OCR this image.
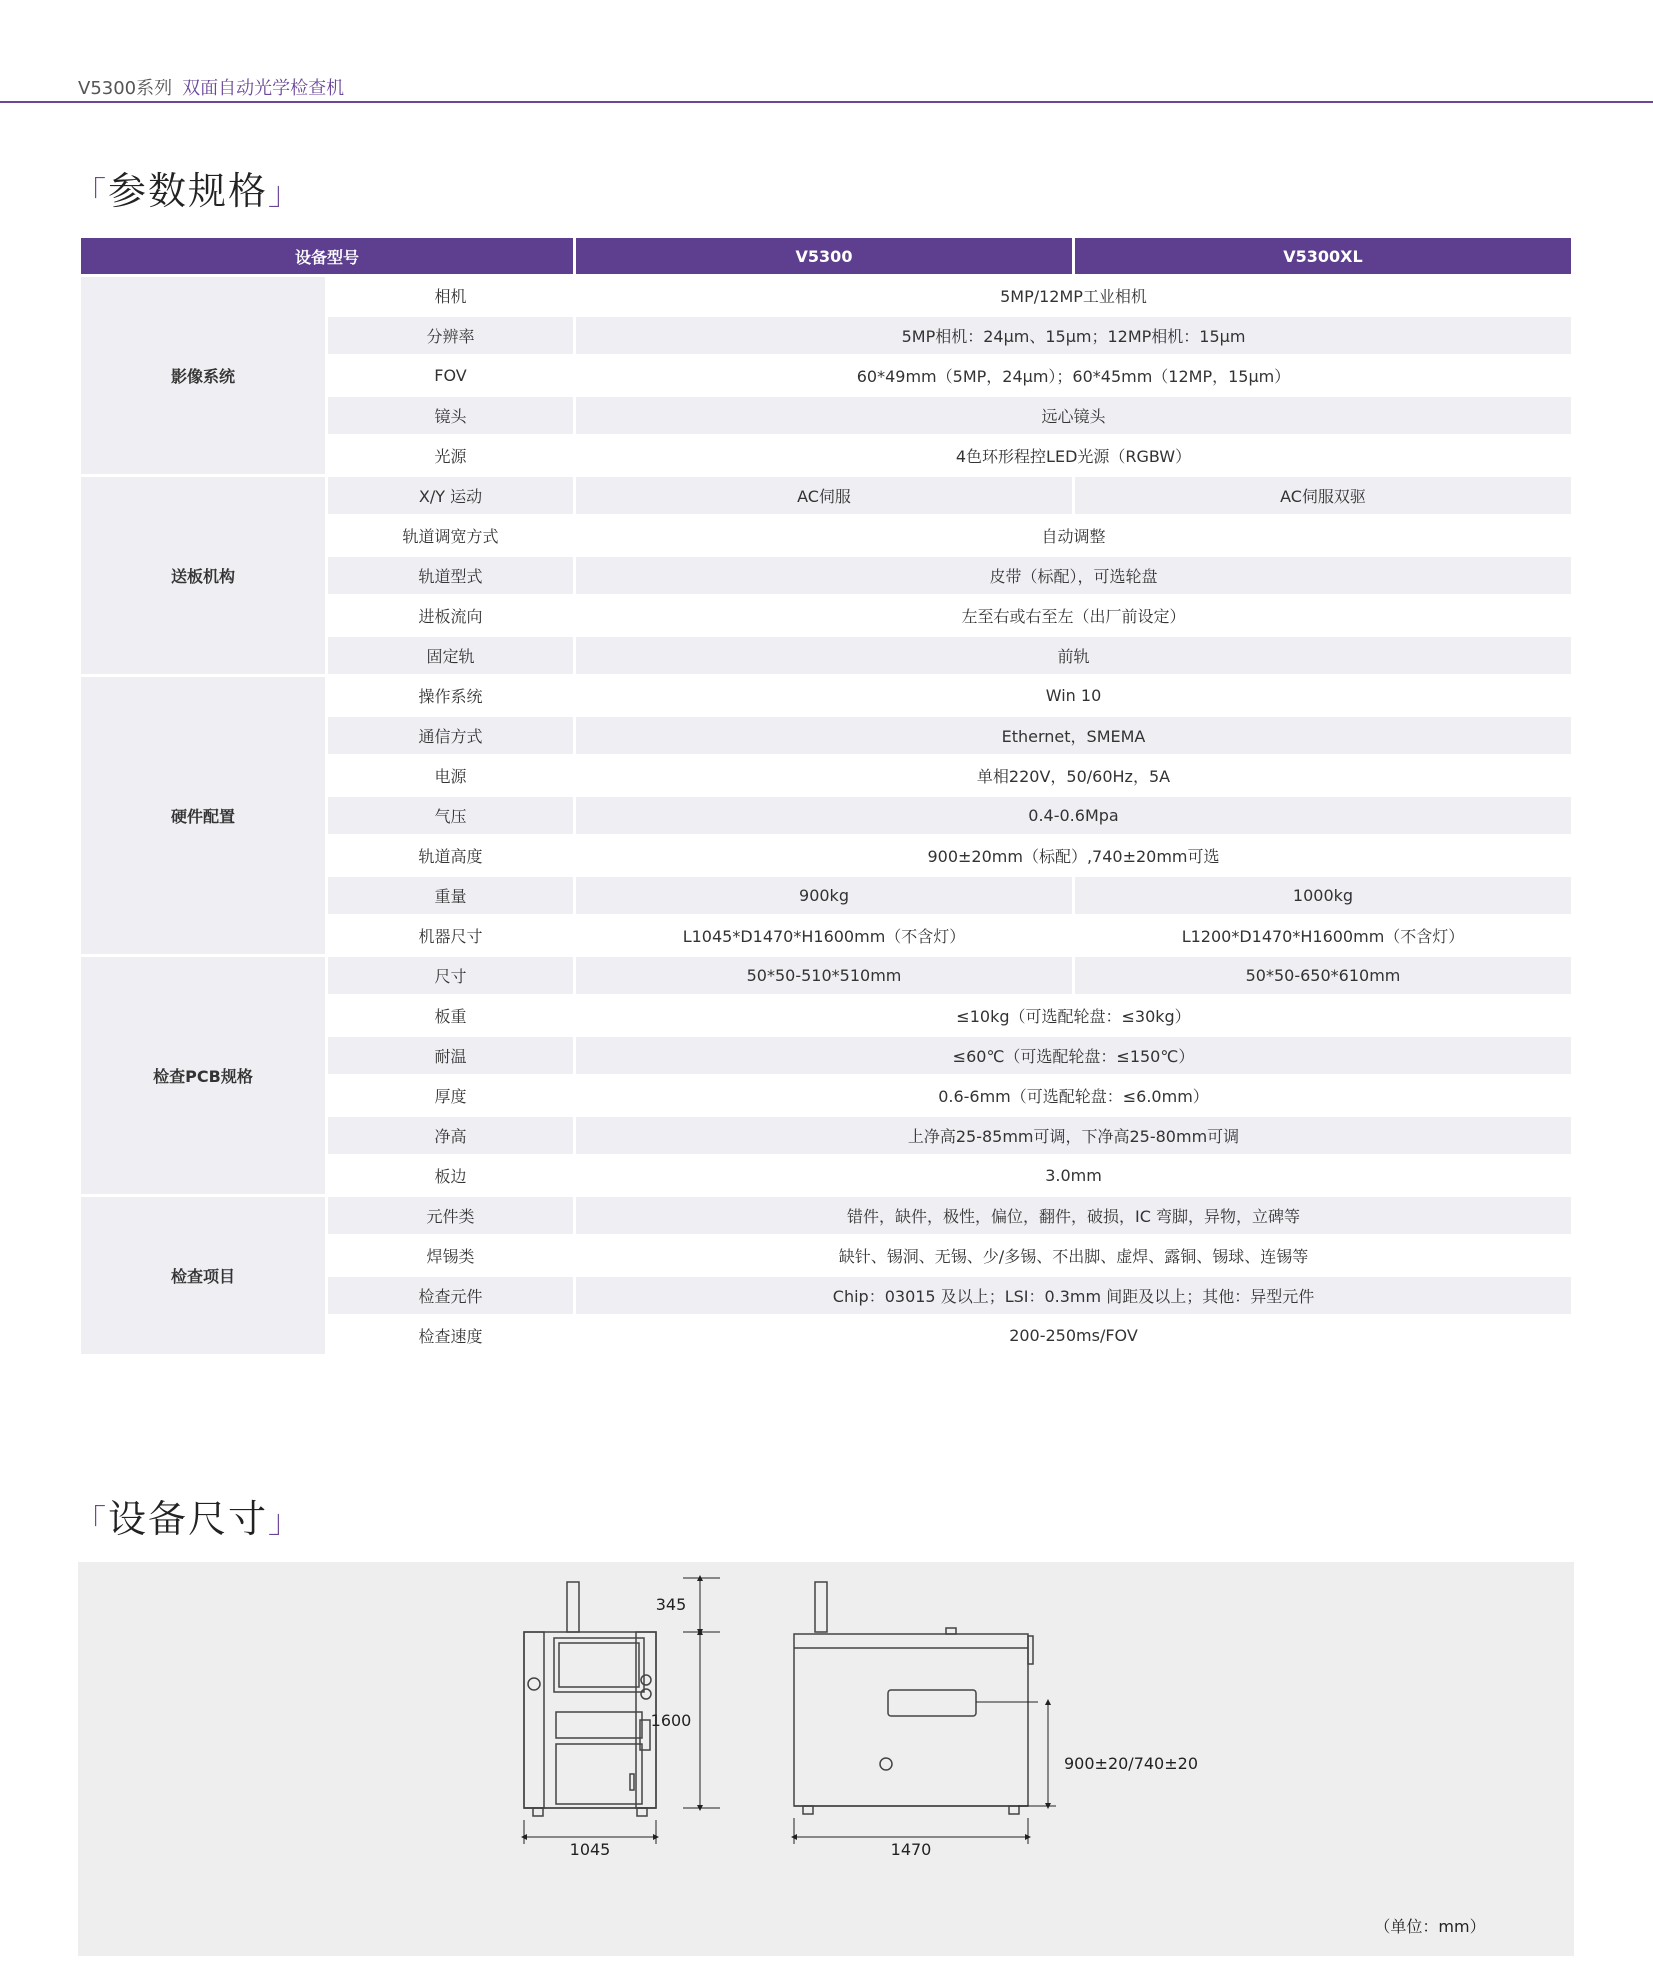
V5300系列 双面自动光学检查机
「参数规格」
设备型号		V5300	V5300XL
影像系统	相机	5MP/12MP工业相机	
	分辨率	5MP相机：24μm、15μm；12MP相机：15μm	
	FOV	60*49mm（5MP，24μm）；60*45mm（12MP，15μm）	
	镜头	远心镜头	
	光源	4色环形程控LED光源（RGBW）	
送板机构	X/Y 运动	AC伺服	AC伺服双驱
	轨道调宽方式	自动调整	
	轨道型式	皮带（标配），可选轮盘	
	进板流向	左至右或右至左（出厂前设定）	
	固定轨	前轨	
硬件配置	操作系统	Win 10	
	通信方式	Ethernet，SMEMA	
	电源	单相220V，50/60Hz，5A	
	气压	0.4-0.6Mpa	
	轨道高度	900±20mm（标配）,740±20mm可选	
	重量	900kg	1000kg
	机器尺寸	L1045*D1470*H1600mm（不含灯）	L1200*D1470*H1600mm（不含灯）
检查PCB规格	尺寸	50*50-510*510mm	50*50-650*610mm
	板重	≤10kg（可选配轮盘：≤30kg）	
	耐温	≤60℃（可选配轮盘：≤150℃）	
	厚度	0.6-6mm（可选配轮盘：≤6.0mm）	
	净高	上净高25-85mm可调，下净高25-80mm可调	
	板边	3.0mm	
检查项目	元件类	错件，缺件，极性，偏位，翻件，破损，IC 弯脚，异物，立碑等	
	焊锡类	缺针、锡洞、无锡、少/多锡、不出脚、虚焊、露铜、锡球、连锡等	
	检查元件	Chip：03015 及以上；LSI：0.3mm 间距及以上；其他：异型元件	
	检查速度	200-250ms/FOV	
「设备尺寸」
1045
345
1600
900±20/740±20
1470
（单位：mm）
